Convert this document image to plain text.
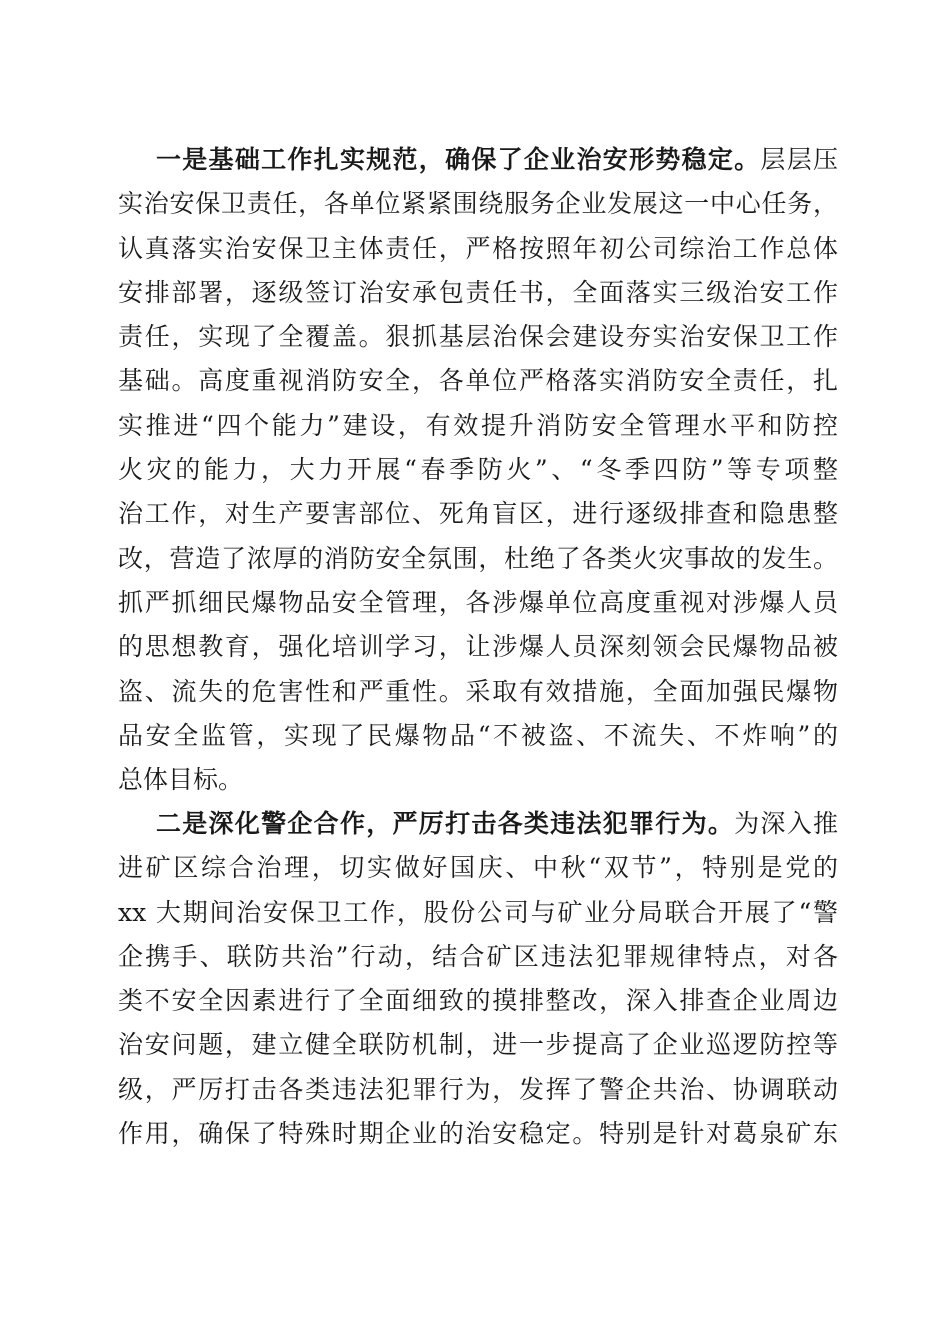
一是基础工作扎实规范，确保了企业治安形势稳定。层层压
实治安保卫责任，各单位紧紧围绕服务企业发展这一中心任务，
认真落实治安保卫主体责任，严格按照年初公司综治工作总体
安排部署，逐级签订治安承包责任书，全面落实三级治安工作
责任，实现了全覆盖。狠抓基层治保会建设夯实治安保卫工作
基础。高度重视消防安全，各单位严格落实消防安全责任，扎
实推进“四个能力”建设，有效提升消防安全管理水平和防控
火灾的能力，大力开展“春季防火”、“冬季四防”等专项整
治工作，对生产要害部位、死角盲区，进行逐级排查和隐患整
改，营造了浓厚的消防安全氛围，杜绝了各类火灾事故的发生。
抓严抓细民爆物品安全管理，各涉爆单位高度重视对涉爆人员
的思想教育，强化培训学习，让涉爆人员深刻领会民爆物品被
盗、流失的危害性和严重性。采取有效措施，全面加强民爆物
品安全监管，实现了民爆物品“不被盗、不流失、不炸响”的
总体目标。
二是深化警企合作，严厉打击各类违法犯罪行为。为深入推
进矿区综合治理，切实做好国庆、中秋“双节”，特别是党的
xx 大期间治安保卫工作，股份公司与矿业分局联合开展了“警
企携手、联防共治”行动，结合矿区违法犯罪规律特点，对各
类不安全因素进行了全面细致的摸排整改，深入排查企业周边
治安问题，建立健全联防机制，进一步提高了企业巡逻防控等
级，严厉打击各类违法犯罪行为，发挥了警企共治、协调联动
作用，确保了特殊时期企业的治安稳定。特别是针对葛泉矿东
